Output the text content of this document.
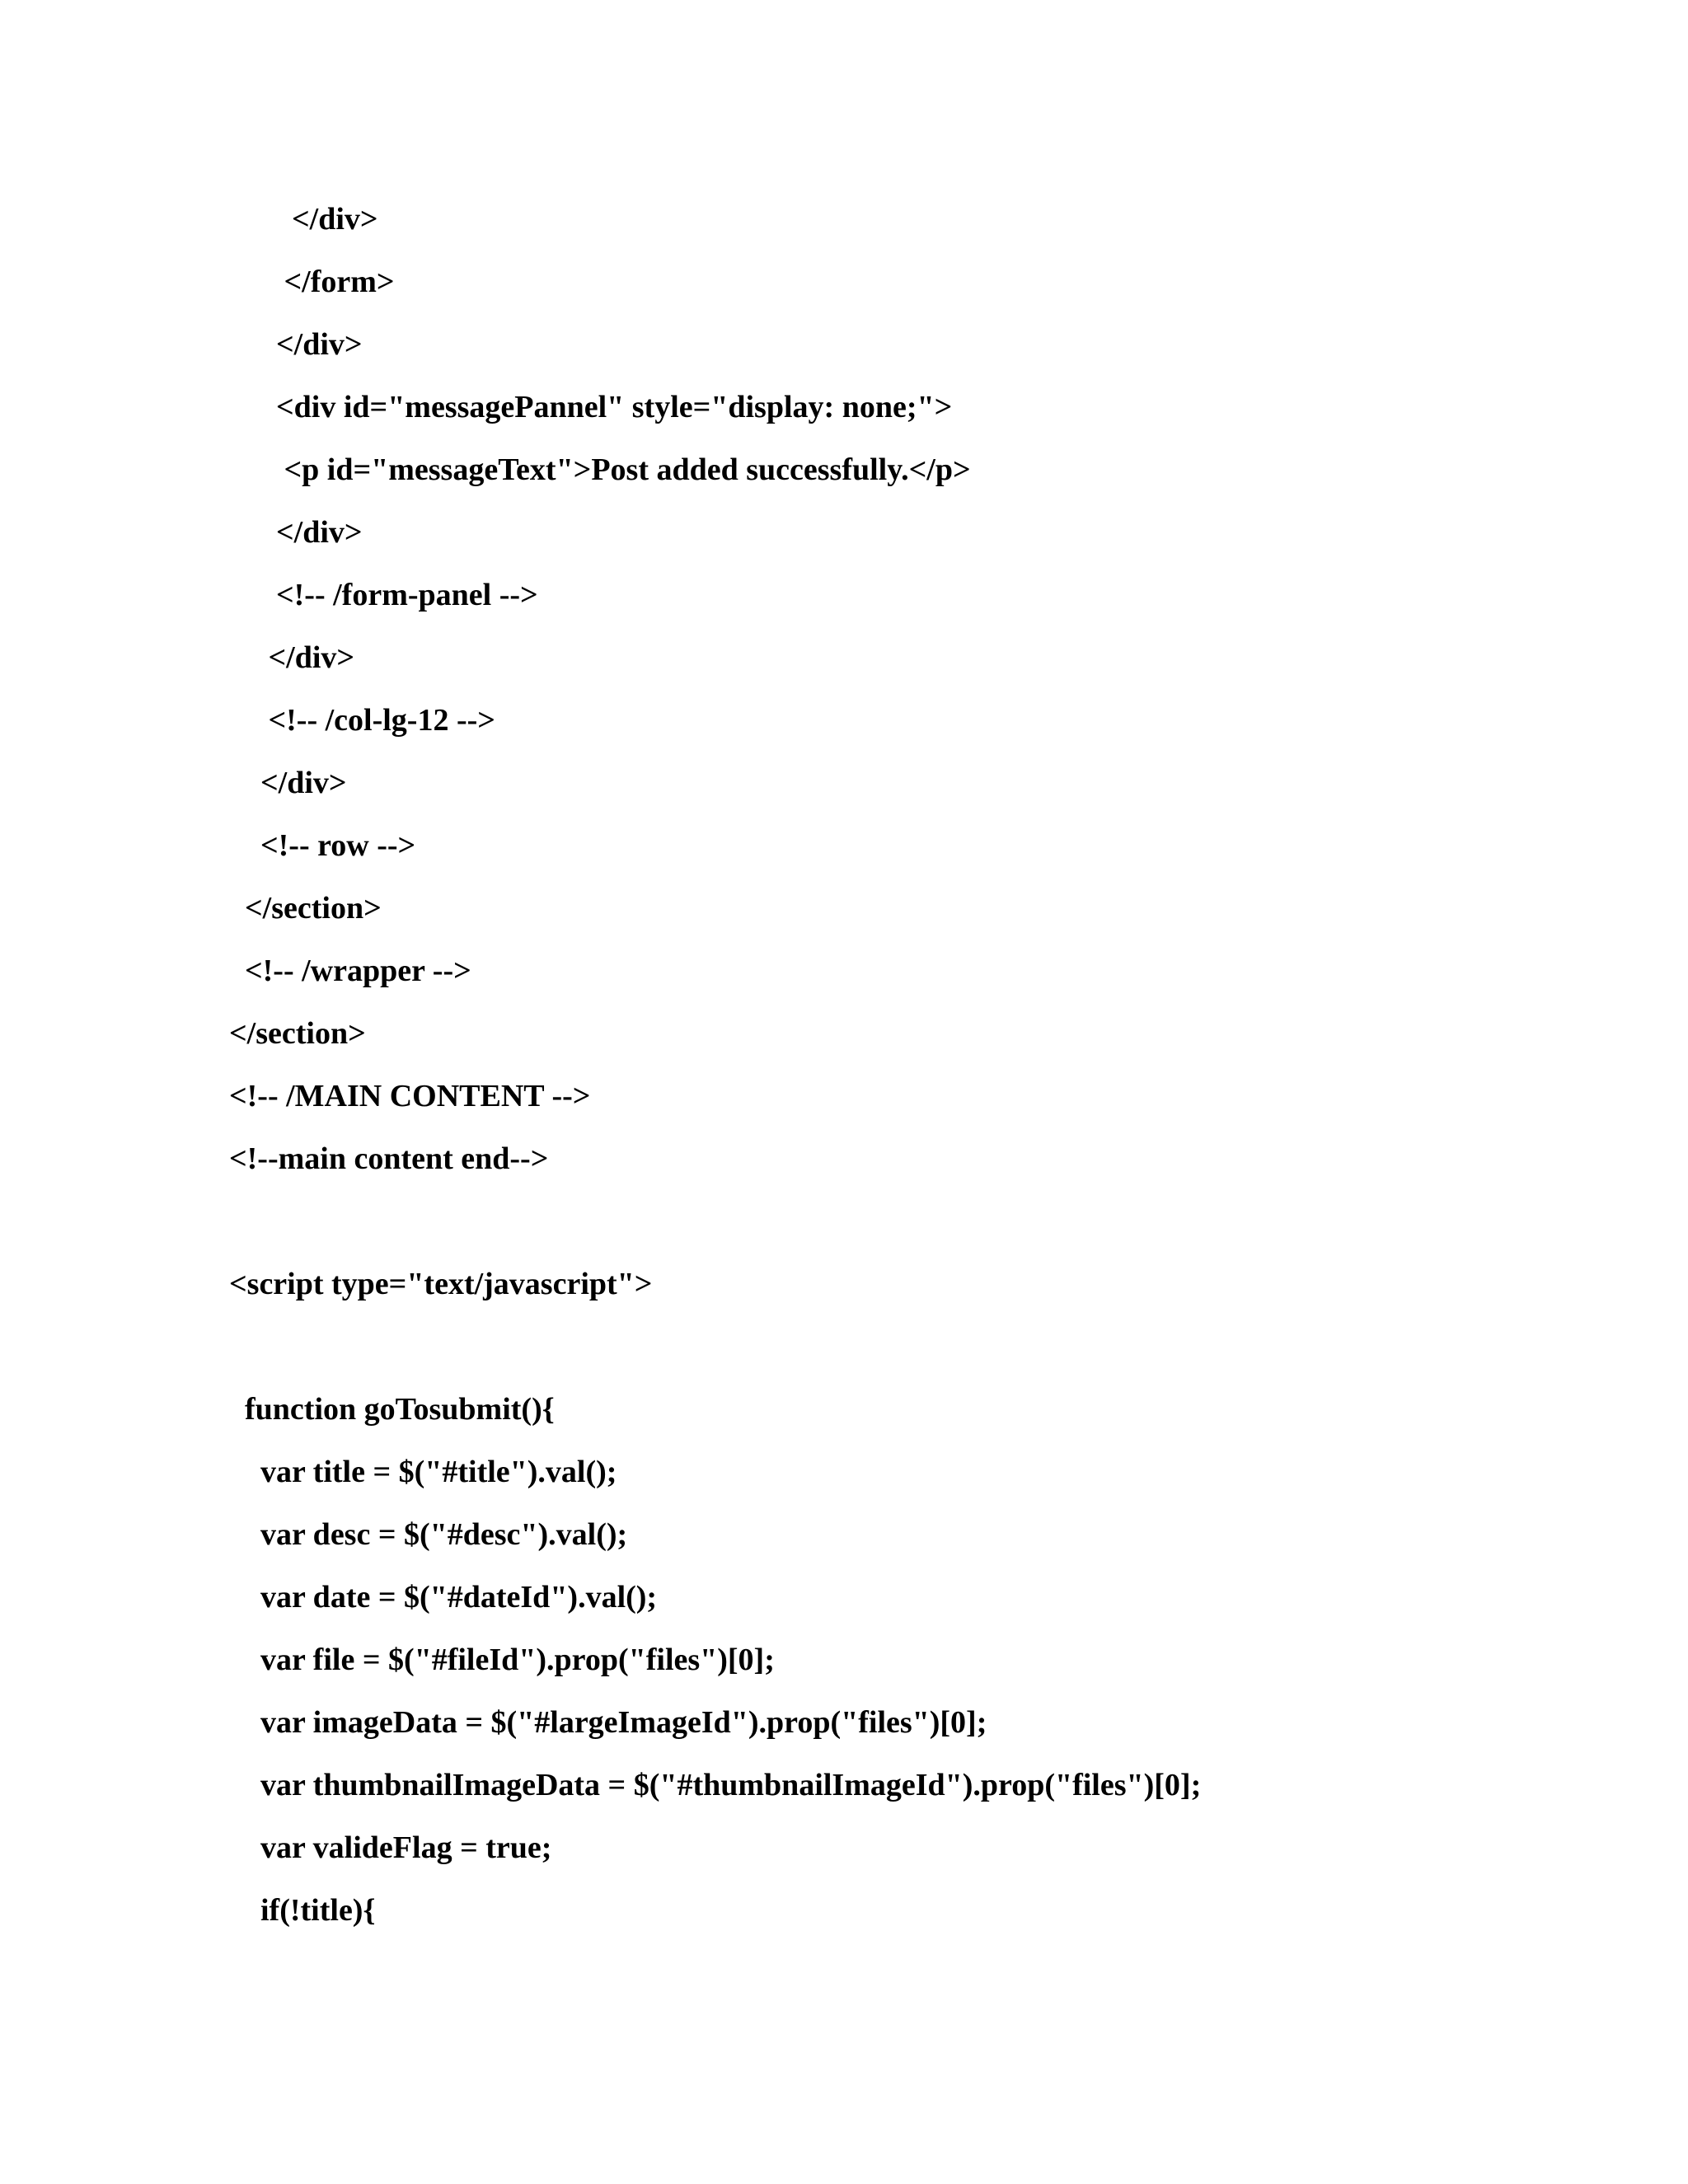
</div>
</form>
</div>
<div id="messagePannel" style="display: none;">
<p id="messageText">Post added successfully.</p>
</div>
<!-- /form-panel -->
</div>
<!-- /col-lg-12 -->
</div>
<!-- row -->
</section>
<!-- /wrapper -->
</section>
<!-- /MAIN CONTENT -->
<!--main content end-->
<script type="text/javascript">
function goTosubmit(){
var title = $("#title").val();
var desc = $("#desc").val();
var date = $("#dateId").val();
var file = $("#fileId").prop("files")[0];
var imageData = $("#largeImageId").prop("files")[0];
var thumbnailImageData = $("#thumbnailImageId").prop("files")[0];
var valideFlag = true;
if(!title){
